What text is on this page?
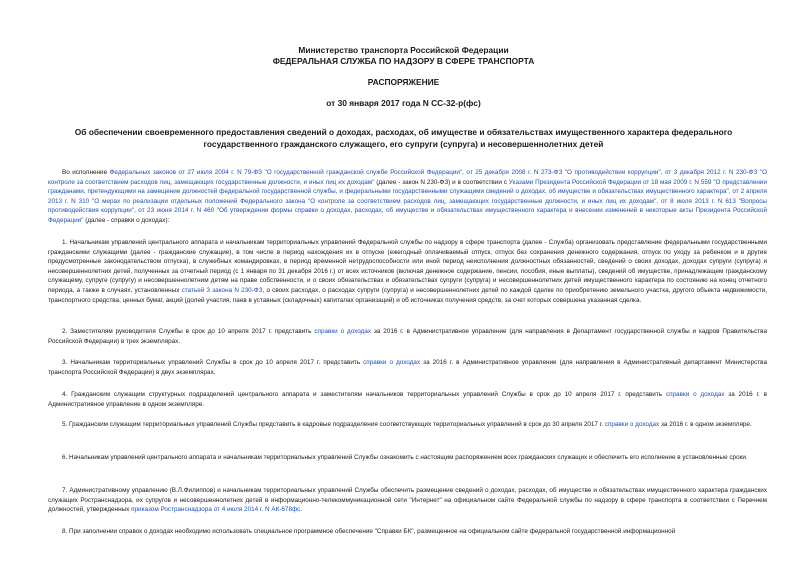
Министерство транспорта Российской Федерации
ФЕДЕРАЛЬНАЯ СЛУЖБА ПО НАДЗОРУ В СФЕРЕ ТРАНСПОРТА
РАСПОРЯЖЕНИЕ
от 30 января 2017 года N СС-32-р(фс)
Об обеспечении своевременного предоставления сведений о доходах, расходах, об имуществе и обязательствах имущественного характера федерального государственного гражданского служащего, его супруги (супруга) и несовершеннолетних детей
Во исполнение Федеральных законов от 27 июля 2004 г. N 79-ФЗ "О государственной гражданской службе Российской Федерации", от 25 декабря 2008 г. N 273-ФЗ "О противодействии коррупции", от 3 декабря 2012 г. N 230-ФЗ "О контроле за соответствием расходов лиц, замещающих государственные должности, и иных лиц их доходам" (далее - закон N 230-ФЗ) и в соответствии с Указами Президента Российской Федерации от 18 мая 2009 г. N 559 "О представлении гражданами, претендующими на замещение должностей федеральной государственной службы, и федеральными государственными служащими сведений о доходах, об имуществе и обязательствах имущественного характера", от 2 апреля 2013 г. N 310 "О мерах по реализации отдельных положений Федерального закона "О контроле за соответствием расходов лиц, замещающих государственные должности, и иных лиц их доходам", от 8 июля 2013 г. N 613 "Вопросы противодействия коррупции", от 23 июня 2014 г. N 460 "Об утверждении формы справки о доходах, расходах, об имуществе и обязательствах имущественного характера и внесении изменений в некоторые акты Президента Российской Федерации" (далее - справки о доходах):
1. Начальникам управлений центрального аппарата и начальникам территориальных управлений Федеральной службы по надзору в сфере транспорта (далее - Служба) организовать представление федеральными государственными гражданскими служащими (далее - гражданские служащие), в том числе в период нахождения их в отпуске (ежегодный оплачиваемый отпуск, отпуск без сохранения денежного содержания, отпуск по уходу за ребенком и в другие предусмотренные законодательством отпуска), в служебных командировках, в период временной нетрудоспособности или иной период неисполнения должностных обязанностей, сведений о своих доходах, доходах супруги (супруга) и несовершеннолетних детей, полученных за отчетный период (с 1 января по 31 декабря 2016 г.) от всех источников (включая денежное содержание, пенсии, пособия, иные выплаты), сведений об имуществе, принадлежащем гражданскому служащему, супруге (супругу) и несовершеннолетним детям на праве собственности, и о своих обязательствах и обязательствах супруги (супруга) и несовершеннолетних детей имущественного характера по состоянию на конец отчетного периода, а также в случаях, установленных статьей 3 закона N 230-ФЗ, о своих расходах, о расходах супруги (супруга) и несовершеннолетних детей по каждой сделке по приобретению земельного участка, другого объекта недвижимости, транспортного средства, ценных бумаг, акций (долей участия, паев в уставных (складочных) капиталах организаций) и об источниках получения средств, за счет которых совершена указанная сделка.
2. Заместителям руководителя Службы в срок до 10 апреля 2017 г. представить справки о доходах за 2016 г. в Административное управление (для направления в Департамент государственной службы и кадров Правительства Российской Федерации) в трех экземплярах.
3. Начальникам территориальных управлений Службы в срок до 10 апреля 2017 г. представить справки о доходах за 2016 г. в Административное управление (для направления в Административный департамент Министерства транспорта Российской Федерации) в двух экземплярах.
4. Гражданским служащим структурных подразделений центрального аппарата и заместителям начальников территориальных управлений Службы в срок до 10 апреля 2017 г. представить справки о доходах за 2016 г. в Административное управление в одном экземпляре.
5. Гражданским служащим территориальных управлений Службы представить в кадровые подразделения соответствующих территориальных управлений в срок до 30 апреля 2017 г. справки о доходах за 2016 г. в одном экземпляре.
6. Начальникам управлений центрального аппарата и начальникам территориальных управлений Службы ознакомить с настоящим распоряжением всех гражданских служащих и обеспечить его исполнение в установленные сроки.
7. Административному управлению (В.Л.Филиппов) и начальникам территориальных управлений Службы обеспечить размещение сведений о доходах, расходах, об имуществе и обязательствах имущественного характера гражданских служащих Ространснадзора, их супругов и несовершеннолетних детей в информационно-телекоммуникационной сети "Интернет" на официальном сайте Федеральной службы по надзору в сфере транспорта в соответствии с Перечнем должностей, утвержденных приказом Ространснадзора от 4 июля 2014 г. N АК-678фс.
8. При заполнении справок о доходах необходимо использовать специальное программное обеспечение "Справки БК", размещенное на официальном сайте федеральной государственной информационной
